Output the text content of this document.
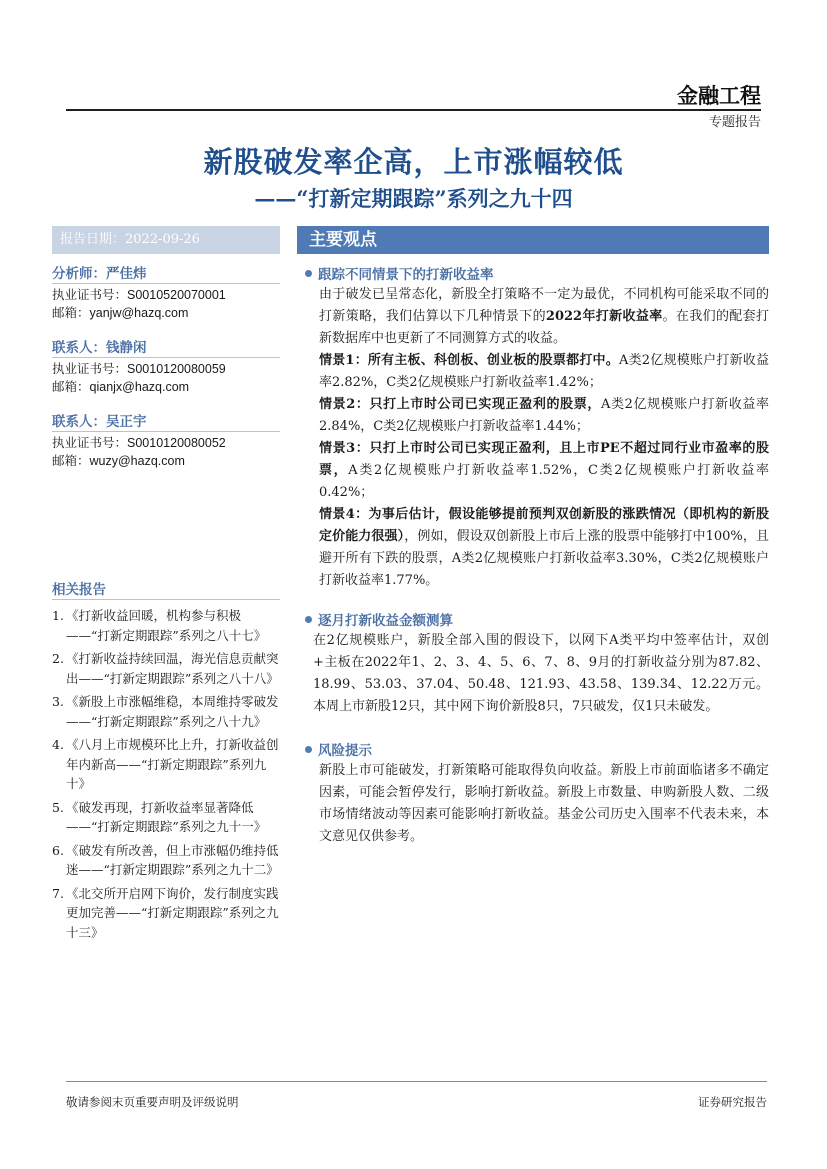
金融工程
专题报告
新股破发率企高，上市涨幅较低
——“打新定期跟踪”系列之九十四
报告日期：2022-09-26
分析师：严佳炜
执业证书号：S0010520070001
邮箱：yanjw@hazq.com
联系人：钱静闲
执业证书号：S0010120080059
邮箱：qianjx@hazq.com
联系人：吴正宇
执业证书号：S0010120080052
邮箱：wuzy@hazq.com
相关报告
1. 《打新收益回暖，机构参与积极——“打新定期跟踪”系列之八十七》
2. 《打新收益持续回温，海光信息贡献突出——“打新定期跟踪”系列之八十八》
3. 《新股上市涨幅维稳，本周维持零破发——“打新定期跟踪”系列之八十九》
4. 《八月上市规模环比上升，打新收益创年内新高——“打新定期跟踪”系列九十》
5. 《破发再现，打新收益率显著降低——“打新定期跟踪”系列之九十一》
6. 《破发有所改善，但上市涨幅仍维持低迷——“打新定期跟踪”系列之九十二》
7. 《北交所开启网下询价，发行制度实践更加完善——“打新定期跟踪”系列之九十三》
主要观点
跟踪不同情景下的打新收益率
由于破发已呈常态化，新股全打策略不一定为最优，不同机构可能采取不同的打新策略，我们估算以下几种情景下的2022年打新收益率。在我们的配套打新数据库中也更新了不同测算方式的收益。
情景1：所有主板、科创板、创业板的股票都打中。A类2亿规模账户打新收益率2.82%，C类2亿规模账户打新收益率1.42%；
情景2：只打上市时公司已实现正盈利的股票，A类2亿规模账户打新收益率2.84%，C类2亿规模账户打新收益率1.44%；
情景3：只打上市时公司已实现正盈利，且上市PE不超过同行业市盈率的股票，A类2亿规模账户打新收益率1.52%，C类2亿规模账户打新收益率0.42%；
情景4：为事后估计，假设能够提前预判双创新股的涨跌情况（即机构的新股定价能力很强），例如，假设双创新股上市后上涨的股票中能够打中100%，且避开所有下跌的股票，A类2亿规模账户打新收益率3.30%，C类2亿规模账户打新收益率1.77%。
逐月打新收益金额测算
在2亿规模账户，新股全部入围的假设下，以网下A类平均中签率估计，双创+主板在2022年1、2、3、4、5、6、7、8、9月的打新收益分别为87.82、18.99、53.03、37.04、50.48、121.93、43.58、139.34、12.22万元。本周上市新股12只，其中网下询价新股8只，7只破发，仅1只未破发。
风险提示
新股上市可能破发，打新策略可能取得负向收益。新股上市前面临诸多不确定因素，可能会暂停发行，影响打新收益。新股上市数量、申购新股人数、二级市场情绪波动等因素可能影响打新收益。基金公司历史入围率不代表未来，本文意见仅供参考。
敬请参阅末页重要声明及评级说明	证券研究报告
